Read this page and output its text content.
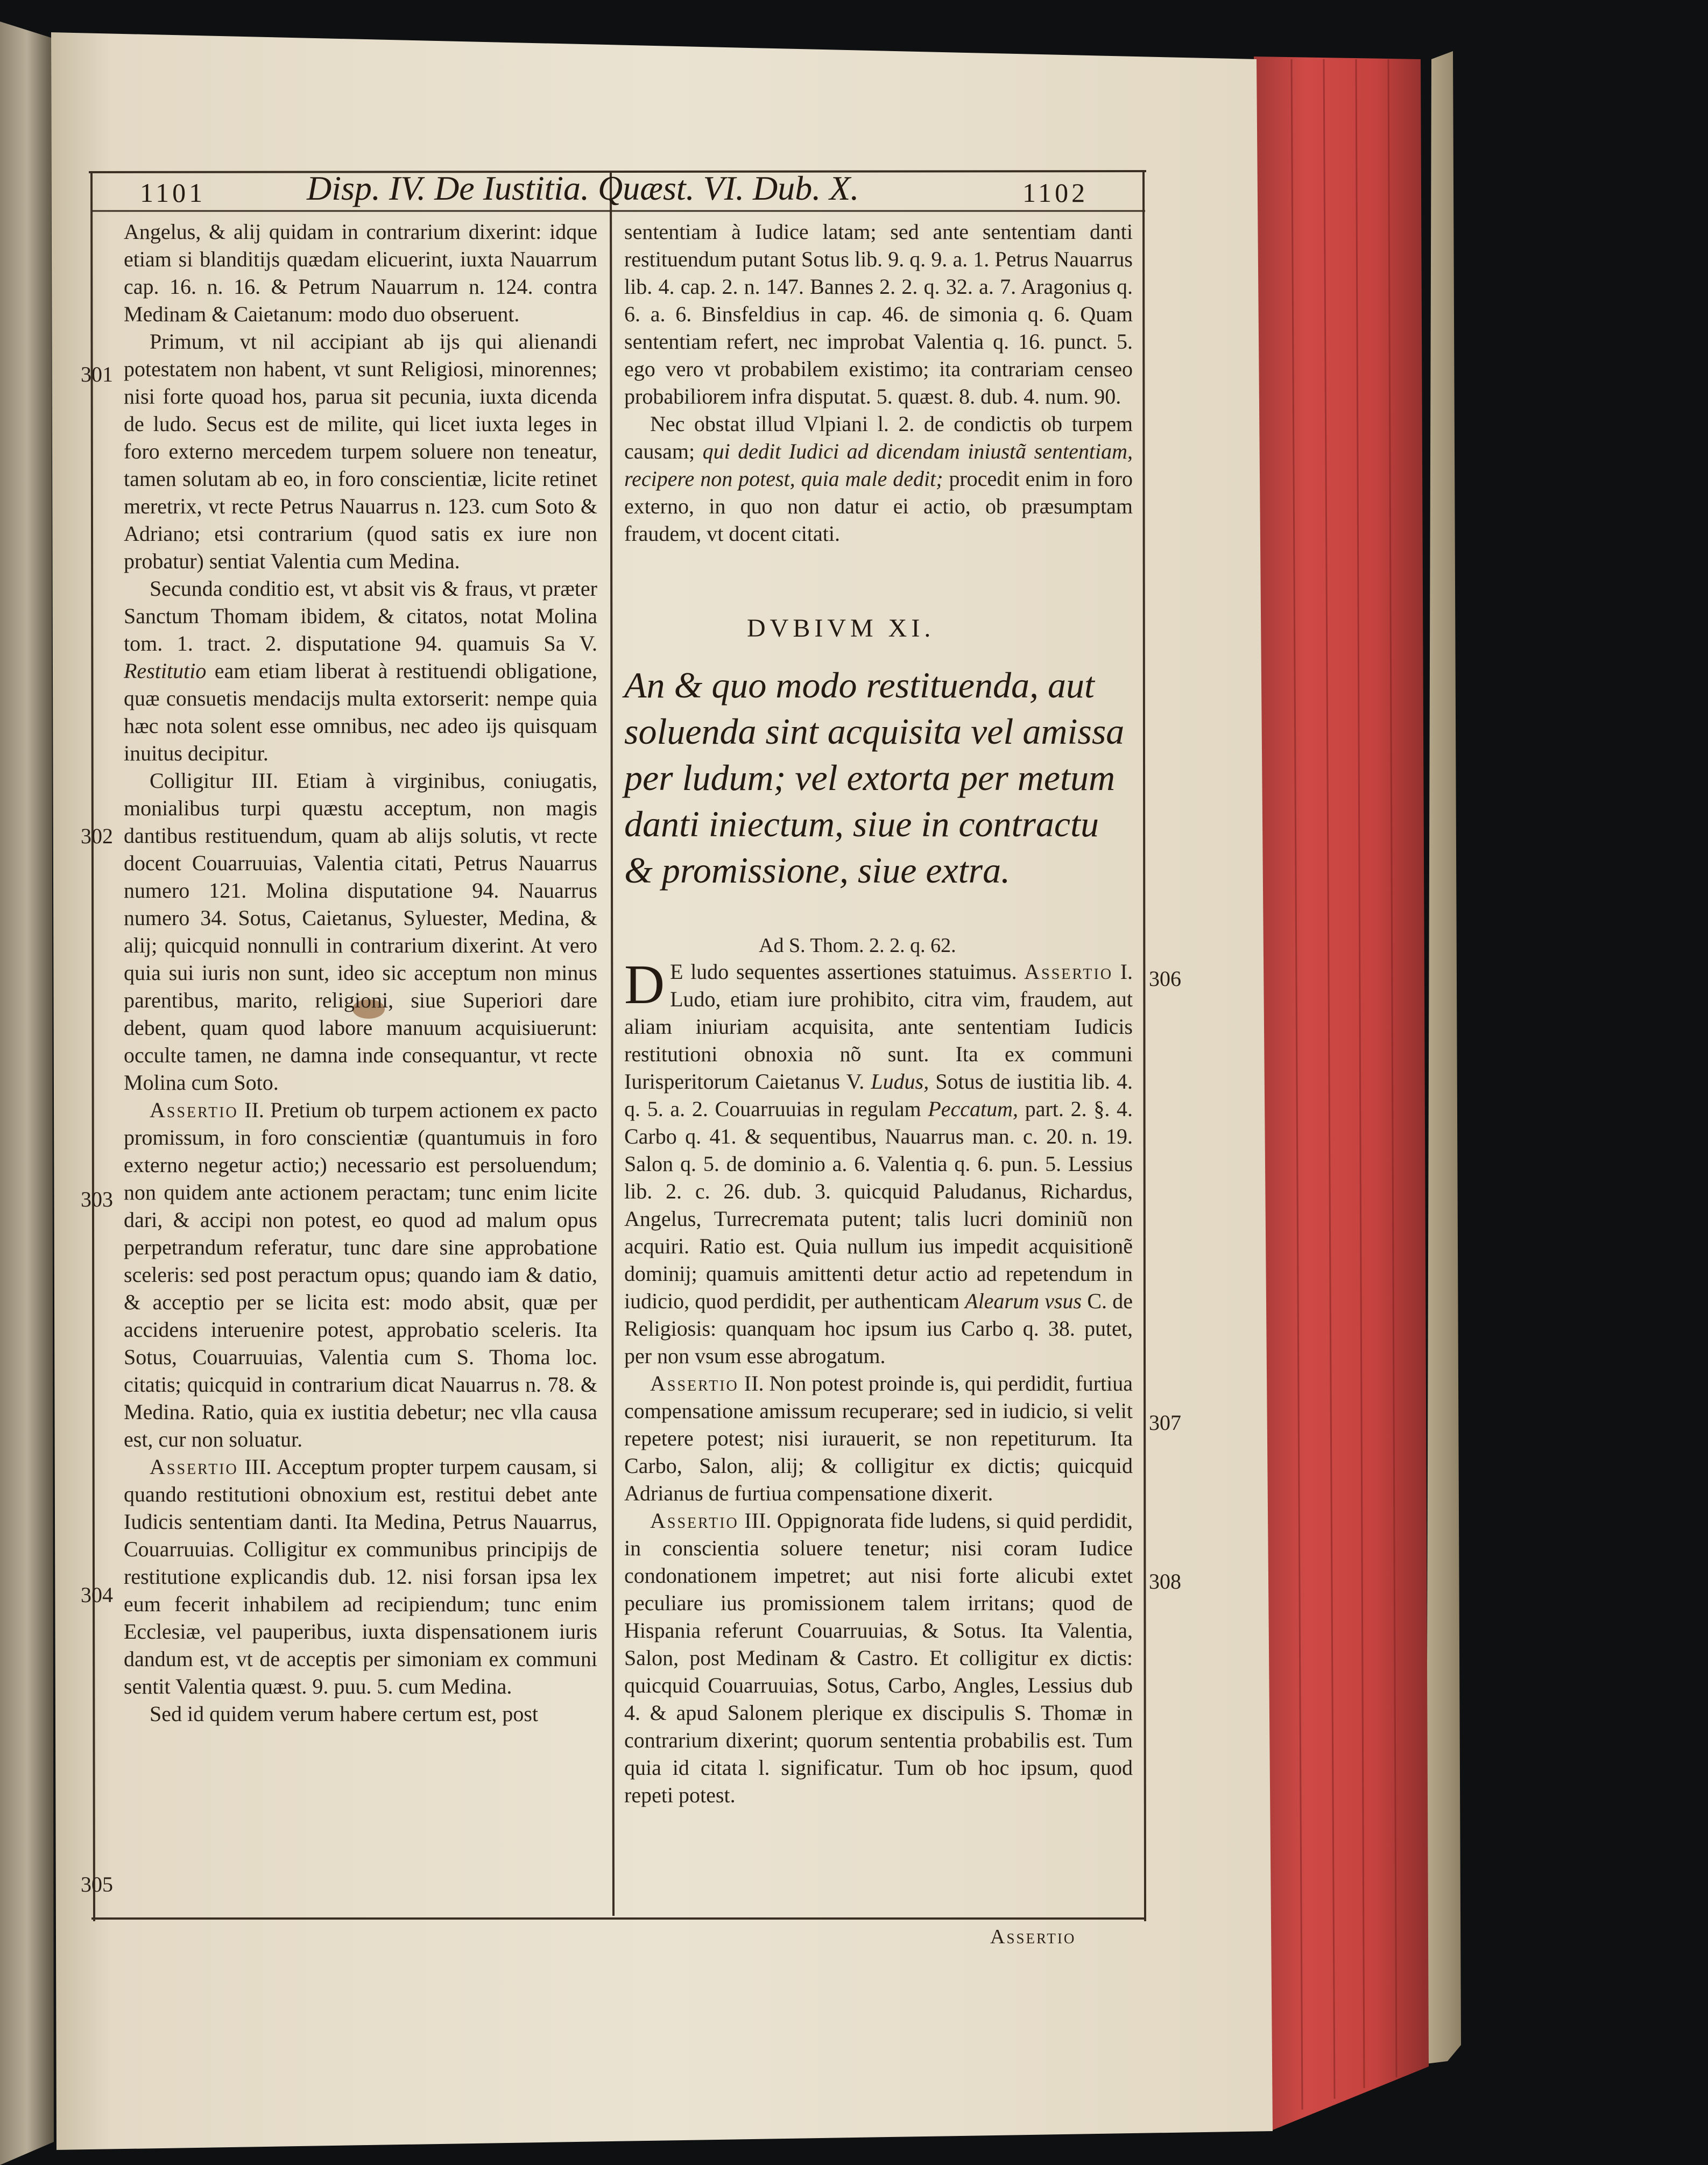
1101	Disp. IV. De Iustitia. Quæst. VI. Dub. X.	1102
301
302
303
304
305
306
307
308

Angelus, & alij quidam in contrarium dixerint: idque etiam si blanditijs quædam elicuerint, iuxta Nauarrum cap. 16. n. 16. & Petrum Nauarrum n. 124. contra Medinam & Caietanum: modo duo obseruent.

Primum, vt nil accipiant ab ijs qui alienandi potestatem non habent, vt sunt Religiosi, minorennes; nisi forte quoad hos, parua sit pecunia, iuxta dicenda de ludo. Secus est de milite, qui licet iuxta leges in foro externo mercedem turpem soluere non teneatur, tamen solutam ab eo, in foro conscientiæ, licite retinet meretrix, vt recte Petrus Nauarrus n. 123. cum Soto & Adriano; etsi contrarium (quod satis ex iure non probatur) sentiat Valentia cum Medina.

Secunda conditio est, vt absit vis & fraus, vt præter Sanctum Thomam ibidem, & citatos, notat Molina tom. 1. tract. 2. disputatione 94. quamuis Sa V. Restitutio eam etiam liberat à restituendi obligatione, quæ consuetis mendacijs multa extorserit: nempe quia hæc nota solent esse omnibus, nec adeo ijs quisquam inuitus decipitur.

Colligitur III. Etiam à virginibus, coniugatis, monialibus turpi quæstu acceptum, non magis dantibus restituendum, quam ab alijs solutis, vt recte docent Couarruuias, Valentia citati, Petrus Nauarrus numero 121. Molina disputatione 94. Nauarrus numero 34. Sotus, Caietanus, Syluester, Medina, & alij; quicquid nonnulli in contrarium dixerint. At vero quia sui iuris non sunt, ideo sic acceptum non minus parentibus, marito, religioni, siue Superiori dare debent, quam quod labore manuum acquisiuerunt: occulte tamen, ne damna inde consequantur, vt recte Molina cum Soto.

Assertio II. Pretium ob turpem actionem ex pacto promissum, in foro conscientiæ (quantumuis in foro externo negetur actio;) necessario est persoluendum; non quidem ante actionem peractam; tunc enim licite dari, & accipi non potest, eo quod ad malum opus perpetrandum referatur, tunc dare sine approbatione sceleris: sed post peractum opus; quando iam & datio, & acceptio per se licita est: modo absit, quæ per accidens interuenire potest, approbatio sceleris. Ita Sotus, Couarruuias, Valentia cum S. Thoma loc. citatis; quicquid in contrarium dicat Nauarrus n. 78. & Medina. Ratio, quia ex iustitia debetur; nec vlla causa est, cur non soluatur.

Assertio III. Acceptum propter turpem causam, si quando restitutioni obnoxium est, restitui debet ante Iudicis sententiam danti. Ita Medina, Petrus Nauarrus, Couarruuias. Colligitur ex communibus principijs de restitutione explicandis dub. 12. nisi forsan ipsa lex eum fecerit inhabilem ad recipiendum; tunc enim Ecclesiæ, vel pauperibus, iuxta dispensationem iuris dandum est, vt de acceptis per simoniam ex communi sentit Valentia quæst. 9. puu. 5. cum Medina.

Sed id quidem verum habere certum est, post

sententiam à Iudice latam; sed ante sententiam danti restituendum putant Sotus lib. 9. q. 9. a. 1. Petrus Nauarrus lib. 4. cap. 2. n. 147. Bannes 2. 2. q. 32. a. 7. Aragonius q. 6. a. 6. Binsfeldius in cap. 46. de simonia q. 6. Quam sententiam refert, nec improbat Valentia q. 16. punct. 5. ego vero vt probabilem existimo; ita contrariam censeo probabiliorem infra disputat. 5. quæst. 8. dub. 4. num. 90.

Nec obstat illud Vlpiani l. 2. de condictis ob turpem causam; qui dedit Iudici ad dicendam iniustã sententiam, recipere non potest, quia male dedit; procedit enim in foro externo, in quo non datur ei actio, ob præsumptam fraudem, vt docent citati.

DVBIVM XI.
An & quo modo restituenda, aut soluenda sint acquisita vel amissa per ludum; vel extorta per metum danti iniectum, siue in contractu & promissione, siue extra.
Ad S. Thom. 2. 2. q. 62.

D E ludo sequentes assertiones statuimus. Assertio I. Ludo, etiam iure prohibito, citra vim, fraudem, aut aliam iniuriam acquisita, ante sententiam Iudicis restitutioni obnoxia nõ sunt. Ita ex communi Iurisperitorum Caietanus V. Ludus, Sotus de iustitia lib. 4. q. 5. a. 2. Couarruuias in regulam Peccatum, part. 2. §. 4. Carbo q. 41. & sequentibus, Nauarrus man. c. 20. n. 19. Salon q. 5. de dominio a. 6. Valentia q. 6. pun. 5. Lessius lib. 2. c. 26. dub. 3. quicquid Paludanus, Richardus, Angelus, Turrecremata putent; talis lucri dominiũ non acquiri. Ratio est. Quia nullum ius impedit acquisitionẽ dominij; quamuis amittenti detur actio ad repetendum in iudicio, quod perdidit, per authenticam Alearum vsus C. de Religiosis: quanquam hoc ipsum ius Carbo q. 38. putet, per non vsum esse abrogatum.

Assertio II. Non potest proinde is, qui perdidit, furtiua compensatione amissum recuperare; sed in iudicio, si velit repetere potest; nisi iurauerit, se non repetiturum. Ita Carbo, Salon, alij; & colligitur ex dictis; quicquid Adrianus de furtiua compensatione dixerit.

Assertio III. Oppignorata fide ludens, si quid perdidit, in conscientia soluere tenetur; nisi coram Iudice condonationem impetret; aut nisi forte alicubi extet peculiare ius promissionem talem irritans; quod de Hispania referunt Couarruuias, & Sotus. Ita Valentia, Salon, post Medinam & Castro. Et colligitur ex dictis: quicquid Couarruuias, Sotus, Carbo, Angles, Lessius dub 4. & apud Salonem plerique ex discipulis S. Thomæ in contrarium dixerint; quorum sententia probabilis est. Tum quia id citata l. significatur. Tum ob hoc ipsum, quod repeti potest.

Assertio
